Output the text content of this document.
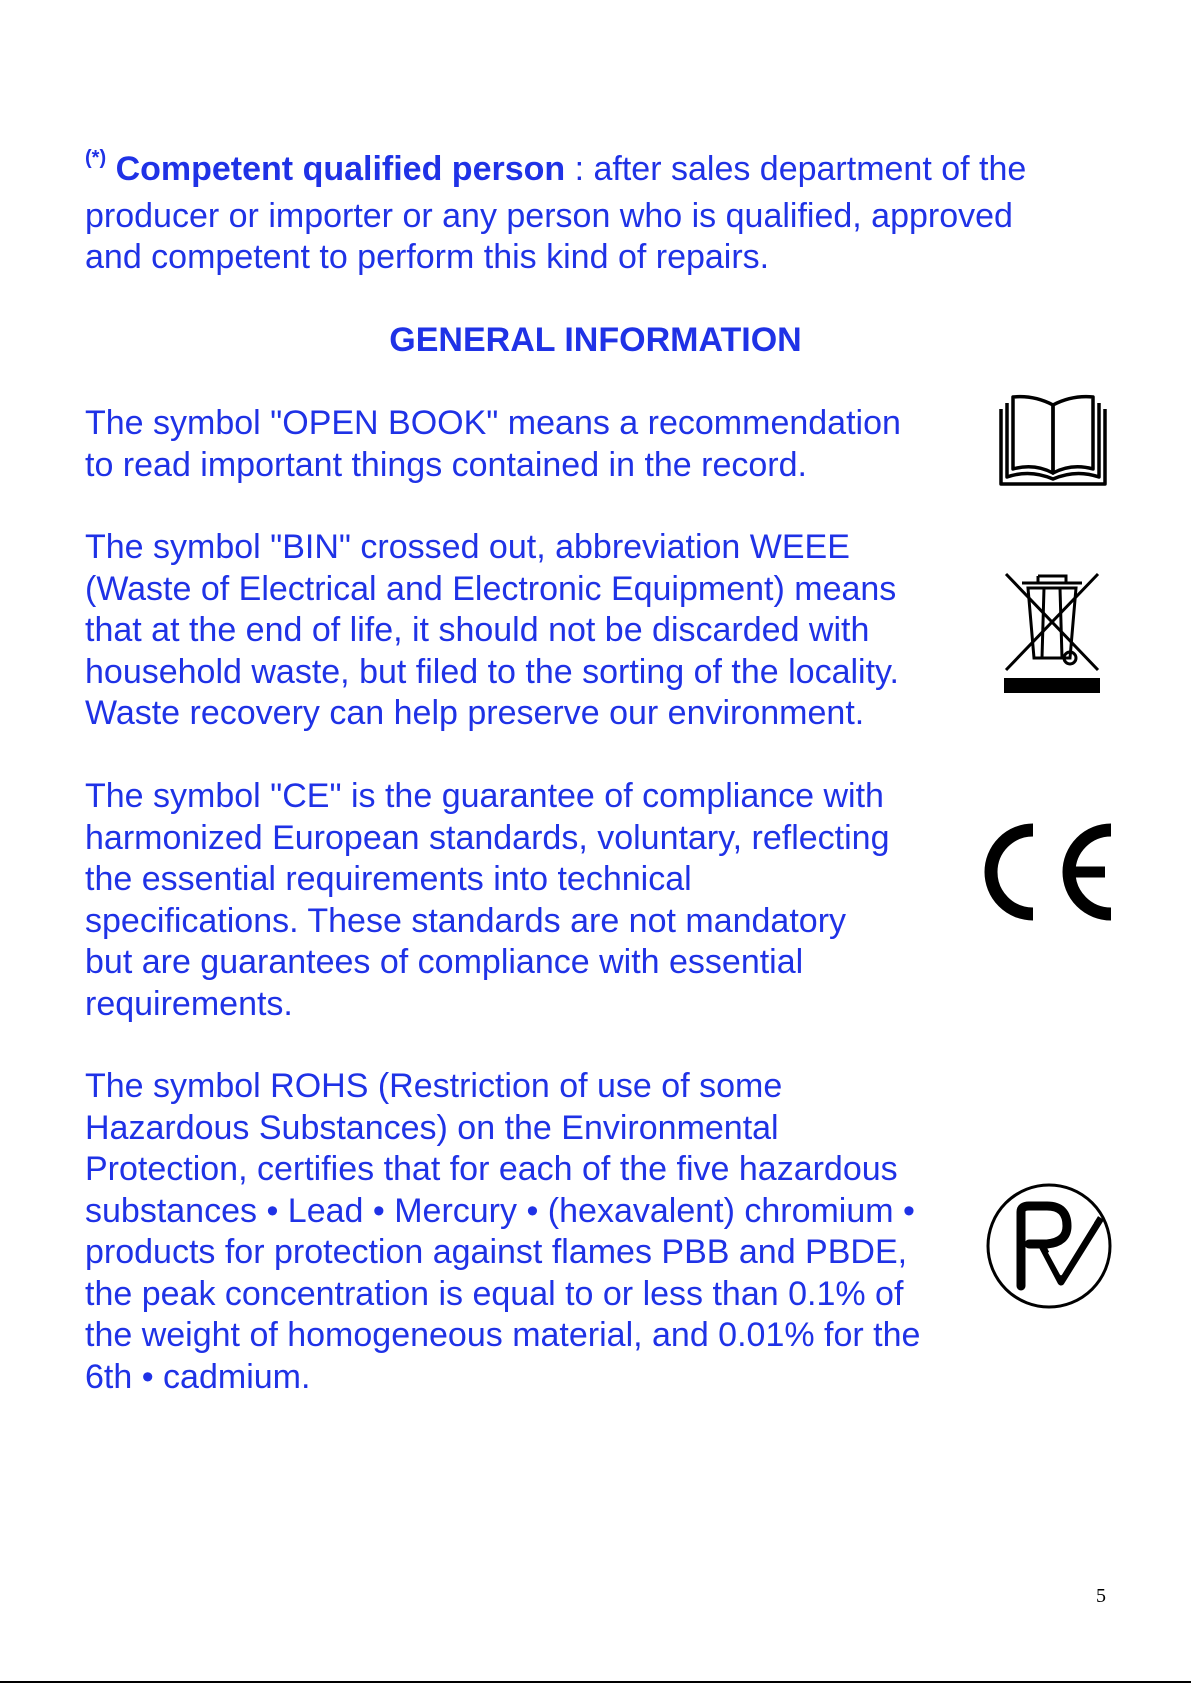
(*) Competent qualified person : after sales department of the
producer or importer or any person who is qualified, approved
and competent to perform this kind of repairs.

GENERAL INFORMATION

The symbol "OPEN BOOK" means a recommendation
to read important things contained in the record.

The symbol "BIN" crossed out, abbreviation WEEE
(Waste of Electrical and Electronic Equipment) means
that at the end of life, it should not be discarded with
household waste, but filed to the sorting of the locality.
Waste recovery can help preserve our environment.

The symbol "CE" is the guarantee of compliance with
harmonized European standards, voluntary, reflecting
the essential requirements into technical
specifications. These standards are not mandatory
but are guarantees of compliance with essential
requirements.

The symbol ROHS (Restriction of use of some
Hazardous Substances) on the Environmental
Protection, certifies that for each of the five hazardous
substances • Lead • Mercury • (hexavalent) chromium •
products for protection against flames PBB and PBDE,
the peak concentration is equal to or less than 0.1% of
the weight of homogeneous material, and 0.01% for the
6th • cadmium.

5
